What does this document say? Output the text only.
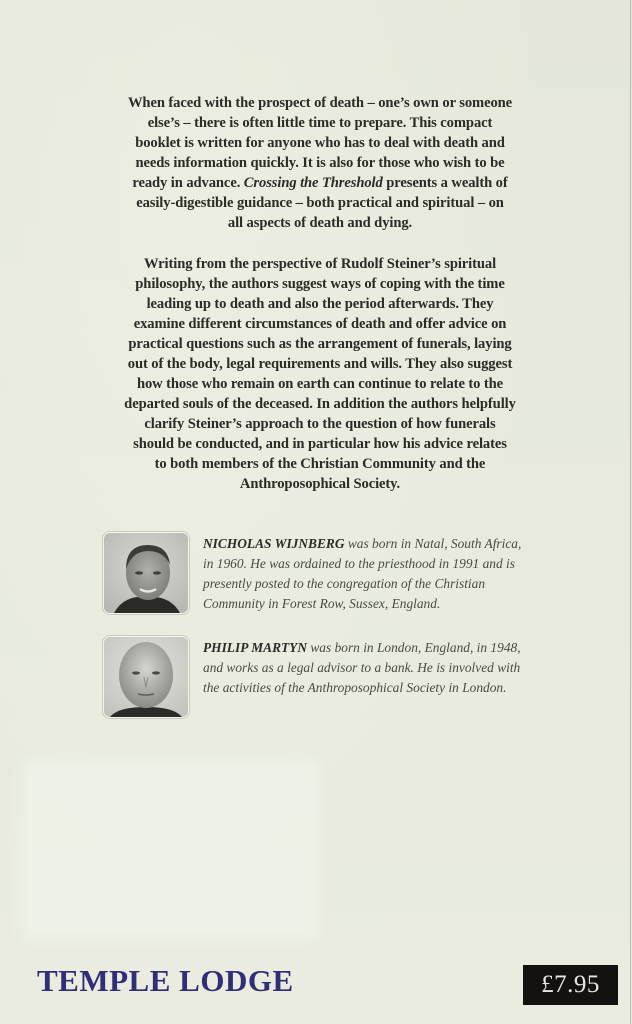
When faced with the prospect of death – one’s own or someone
else’s – there is often little time to prepare. This compact
booklet is written for anyone who has to deal with death and
needs information quickly. It is also for those who wish to be
ready in advance. Crossing the Threshold presents a wealth of
easily-digestible guidance – both practical and spiritual – on
all aspects of death and dying.
Writing from the perspective of Rudolf Steiner’s spiritual
philosophy, the authors suggest ways of coping with the time
leading up to death and also the period afterwards. They
examine different circumstances of death and offer advice on
practical questions such as the arrangement of funerals, laying
out of the body, legal requirements and wills. They also suggest
how those who remain on earth can continue to relate to the
departed souls of the deceased. In addition the authors helpfully
clarify Steiner’s approach to the question of how funerals
should be conducted, and in particular how his advice relates
to both members of the Christian Community and the
Anthroposophical Society.
NICHOLAS WIJNBERG was born in Natal, South Africa,
in 1960. He was ordained to the priesthood in 1991 and is
presently posted to the congregation of the Christian
Community in Forest Row, Sussex, England.
PHILIP MARTYN was born in London, England, in 1948,
and works as a legal advisor to a bank. He is involved with
the activities of the Anthroposophical Society in London.
TEMPLE LODGE	£7.95
